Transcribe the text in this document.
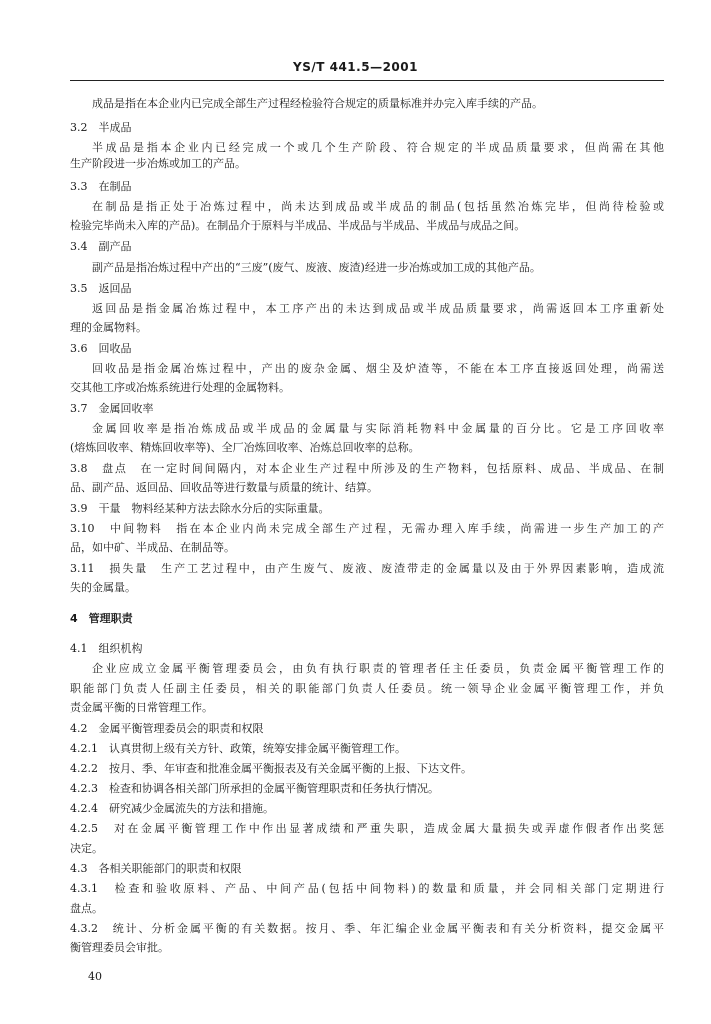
YS/T 441.5—2001
成品是指在本企业内已完成全部生产过程经检验符合规定的质量标准并办完入库手续的产品。
3.2　半成品
半成品是指本企业内已经完成一个或几个生产阶段、符合规定的半成品质量要求，但尚需在其他
生产阶段进一步冶炼或加工的产品。
3.3　在制品
在制品是指正处于冶炼过程中，尚未达到成品或半成品的制品(包括虽然冶炼完毕，但尚待检验或
检验完毕尚未入库的产品)。在制品介于原料与半成品、半成品与半成品、半成品与成品之间。
3.4　副产品
副产品是指冶炼过程中产出的“三废”(废气、废液、废渣)经进一步冶炼或加工成的其他产品。
3.5　返回品
返回品是指金属冶炼过程中，本工序产出的未达到成品或半成品质量要求，尚需返回本工序重新处
理的金属物料。
3.6　回收品
回收品是指金属冶炼过程中，产出的废杂金属、烟尘及炉渣等，不能在本工序直接返回处理，尚需送
交其他工序或冶炼系统进行处理的金属物料。
3.7　金属回收率
金属回收率是指冶炼成品或半成品的金属量与实际消耗物料中金属量的百分比。它是工序回收率
(熔炼回收率、精炼回收率等)、全厂冶炼回收率、冶炼总回收率的总称。
3.8　盘点　在一定时间间隔内，对本企业生产过程中所涉及的生产物料，包括原料、成品、半成品、在制
品、副产品、返回品、回收品等进行数量与质量的统计、结算。
3.9　干量　物料经某种方法去除水分后的实际重量。
3.10　中间物料　指在本企业内尚未完成全部生产过程，无需办理入库手续，尚需进一步生产加工的产
品，如中矿、半成品、在制品等。
3.11　损失量　生产工艺过程中，由产生废气、废液、废渣带走的金属量以及由于外界因素影响，造成流
失的金属量。
4　管理职责
4.1　组织机构
企业应成立金属平衡管理委员会，由负有执行职责的管理者任主任委员，负责金属平衡管理工作的
职能部门负责人任副主任委员，相关的职能部门负责人任委员。统一领导企业金属平衡管理工作，并负
责金属平衡的日常管理工作。
4.2　金属平衡管理委员会的职责和权限
4.2.1　认真贯彻上级有关方针、政策，统筹安排金属平衡管理工作。
4.2.2　按月、季、年审查和批准金属平衡报表及有关金属平衡的上报、下达文件。
4.2.3　检查和协调各相关部门所承担的金属平衡管理职责和任务执行情况。
4.2.4　研究减少金属流失的方法和措施。
4.2.5　对在金属平衡管理工作中作出显著成绩和严重失职，造成金属大量损失或弄虚作假者作出奖惩
决定。
4.3　各相关职能部门的职责和权限
4.3.1　检查和验收原料、产品、中间产品(包括中间物料)的数量和质量，并会同相关部门定期进行
盘点。
4.3.2　统计、分析金属平衡的有关数据。按月、季、年汇编企业金属平衡表和有关分析资料，提交金属平
衡管理委员会审批。
40
